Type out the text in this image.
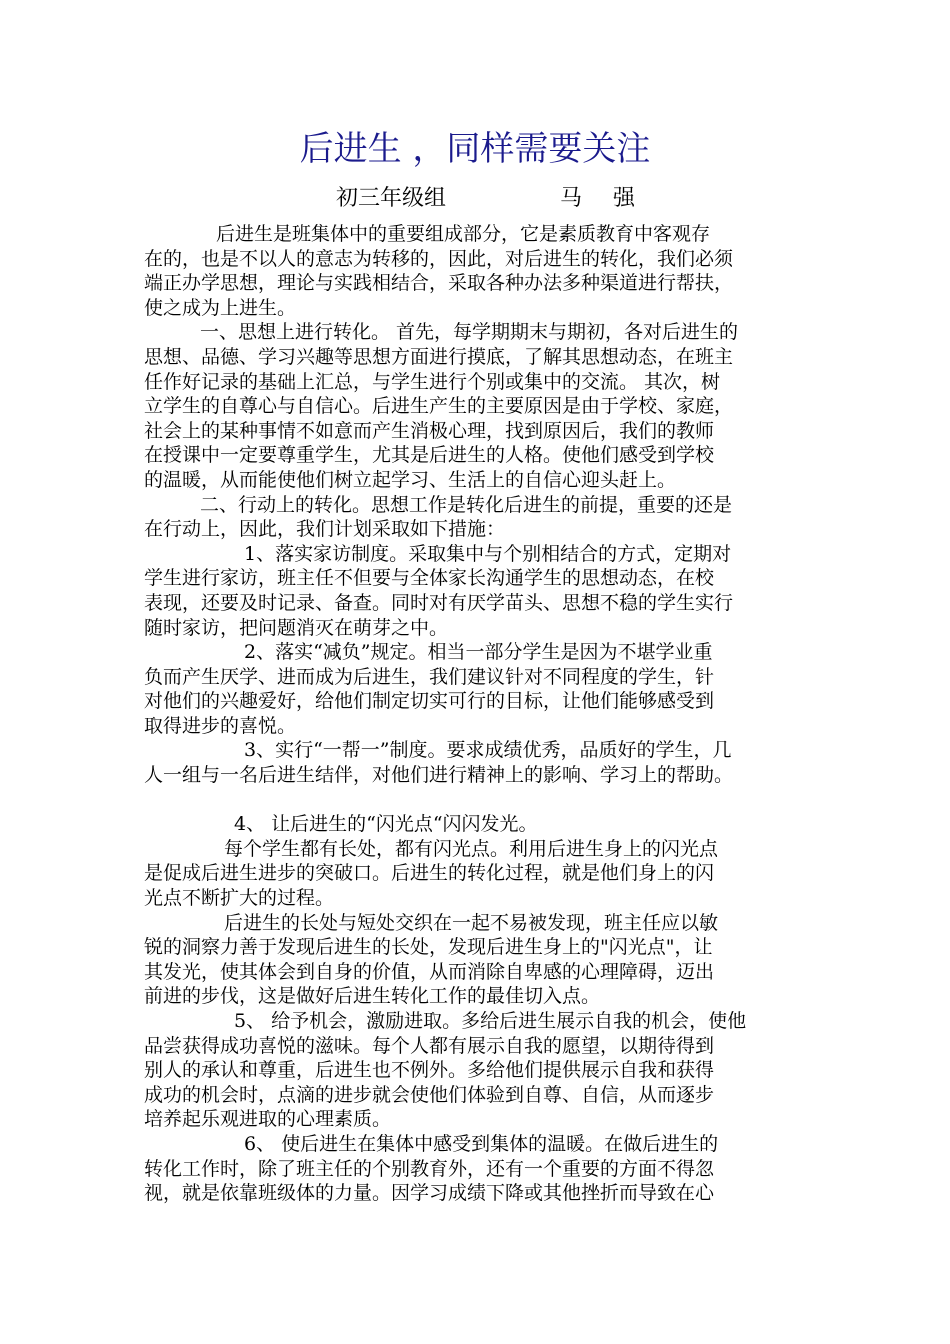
后进生 ，同样需要关注
初三年级组	马 强
后进生是班集体中的重要组成部分，它是素质教育中客观存
在的，也是不以人的意志为转移的，因此，对后进生的转化，我们必须
端正办学思想，理论与实践相结合，采取各种办法多种渠道进行帮扶，
使之成为上进生。
一、思想上进行转化。 首先，每学期期末与期初，各对后进生的
思想、品德、学习兴趣等思想方面进行摸底，了解其思想动态，在班主
任作好记录的基础上汇总，与学生进行个别或集中的交流。 其次，树
立学生的自尊心与自信心。后进生产生的主要原因是由于学校、家庭，
社会上的某种事情不如意而产生消极心理，找到原因后，我们的教师
在授课中一定要尊重学生，尤其是后进生的人格。使他们感受到学校
的温暖，从而能使他们树立起学习、生活上的自信心迎头赶上。
二、行动上的转化。思想工作是转化后进生的前提，重要的还是
在行动上，因此，我们计划采取如下措施：
1、落实家访制度。采取集中与个别相结合的方式，定期对
学生进行家访，班主任不但要与全体家长沟通学生的思想动态，在校
表现，还要及时记录、备查。同时对有厌学苗头、思想不稳的学生实行
随时家访，把问题消灭在萌芽之中。
2、落实“减负”规定。相当一部分学生是因为不堪学业重
负而产生厌学、进而成为后进生，我们建议针对不同程度的学生，针
对他们的兴趣爱好，给他们制定切实可行的目标，让他们能够感受到
取得进步的喜悦。
3、实行“一帮一”制度。要求成绩优秀，品质好的学生，几
人一组与一名后进生结伴，对他们进行精神上的影响、学习上的帮助。
4、 让后进生的“闪光点“闪闪发光。
每个学生都有长处，都有闪光点。利用后进生身上的闪光点
是促成后进生进步的突破口。后进生的转化过程，就是他们身上的闪
光点不断扩大的过程。
后进生的长处与短处交织在一起不易被发现，班主任应以敏
锐的洞察力善于发现后进生的长处，发现后进生身上的"闪光点"，让
其发光，使其体会到自身的价值，从而消除自卑感的心理障碍，迈出
前进的步伐，这是做好后进生转化工作的最佳切入点。
5、 给予机会，激励进取。多给后进生展示自我的机会，使他
品尝获得成功喜悦的滋味。每个人都有展示自我的愿望，以期待得到
别人的承认和尊重，后进生也不例外。多给他们提供展示自我和获得
成功的机会时，点滴的进步就会使他们体验到自尊、自信，从而逐步
培养起乐观进取的心理素质。
6、 使后进生在集体中感受到集体的温暖。在做后进生的
转化工作时，除了班主任的个别教育外，还有一个重要的方面不得忽
视，就是依靠班级体的力量。因学习成绩下降或其他挫折而导致在心
